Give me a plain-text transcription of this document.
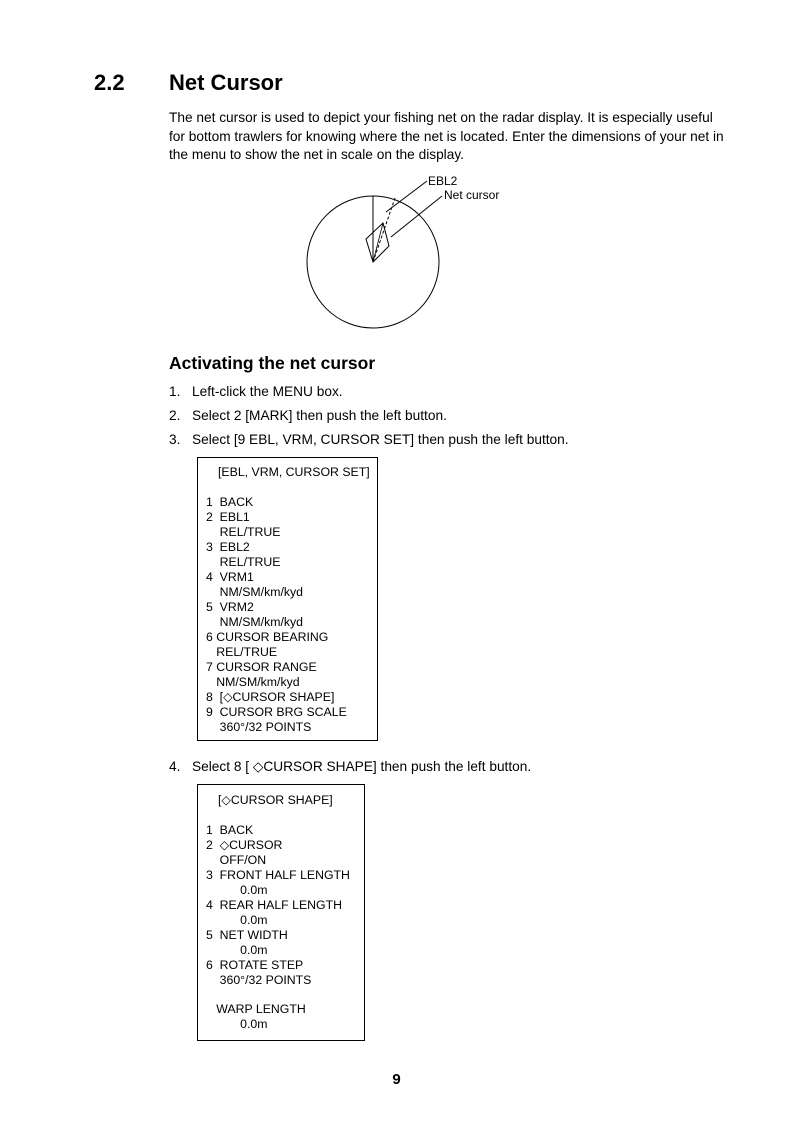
2.2 Net Cursor

The net cursor is used to depict your fishing net on the radar display. It is especially useful for bottom trawlers for knowing where the net is located. Enter the dimensions of your net in the menu to show the net in scale on the display.

EBL2
Net cursor
Activating the net cursor
1. Left-click the MENU box.
2. Select 2 [MARK] then push the left button.
3. Select [9 EBL, VRM, CURSOR SET] then push the left button.
[EBL, VRM, CURSOR SET]
1  BACK
2  EBL1
REL/TRUE
3  EBL2
REL/TRUE
4  VRM1
NM/SM/km/kyd
5  VRM2
NM/SM/km/kyd
6 CURSOR BEARING
REL/TRUE
7 CURSOR RANGE
NM/SM/km/kyd
8  [◇CURSOR SHAPE]
9  CURSOR BRG SCALE
360°/32 POINTS
4. Select 8 [ ◇CURSOR SHAPE] then push the left button.
[◇CURSOR SHAPE]
1  BACK
2  ◇CURSOR
OFF/ON
3  FRONT HALF LENGTH
0.0m
4  REAR HALF LENGTH
0.0m
5  NET WIDTH
0.0m
6  ROTATE STEP
360°/32 POINTS
WARP LENGTH
0.0m
9
